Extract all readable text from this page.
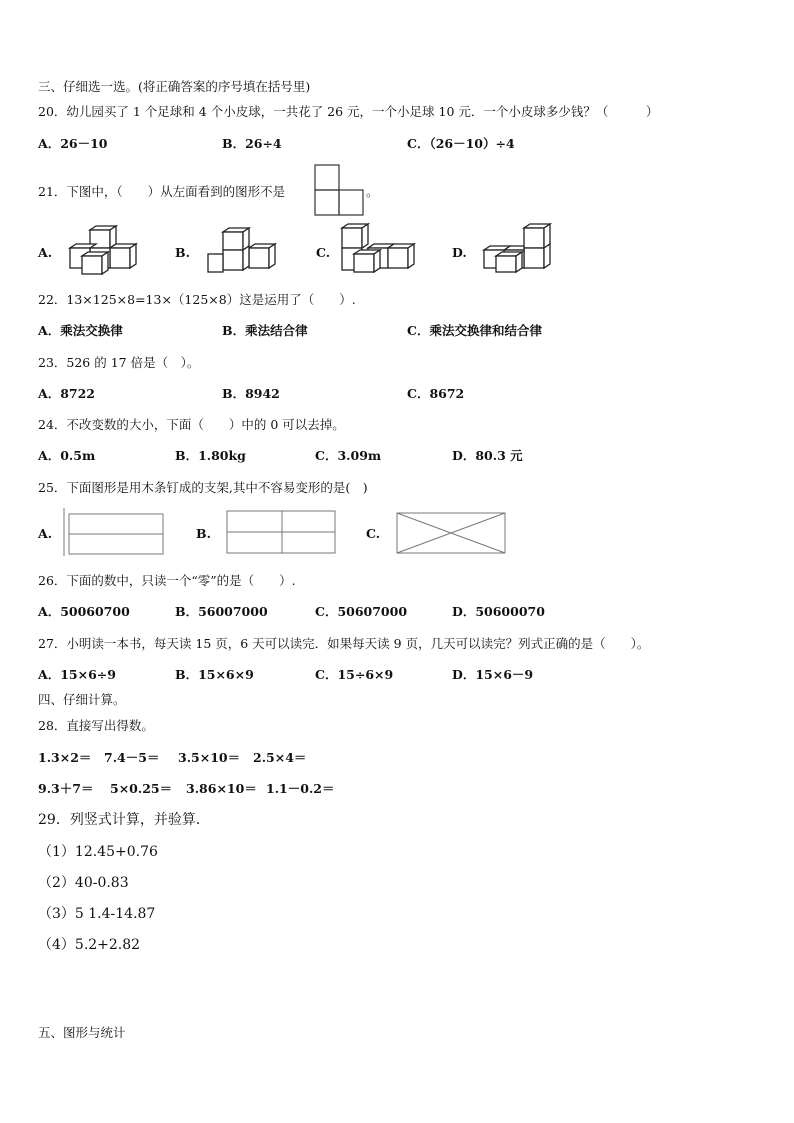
三、仔细选一选。(将正确答案的序号填在括号里)
20．幼儿园买了 1 个足球和 4 个小皮球，一共花了 26 元，一个小足球 10 元．一个小皮球多少钱？（　　　）
A．26－10	B．26÷4	C．（26－10）÷4
21．下图中，（　　）从左面看到的图形不是	。
A.	B.	C.	D.
22．13×125×8=13×（125×8）这是运用了（　　）.
A．乘法交换律	B．乘法结合律	C．乘法交换律和结合律
23．526 的 17 倍是（　）。
A．8722	B．8942	C．8672
24．不改变数的大小，下面（　　）中的 0 可以去掉。
A．0.5m	B．1.80kg	C．3.09m	D．80.3 元
25．下面图形是用木条钉成的支架,其中不容易变形的是(　)
A.	B.	C.
26．下面的数中，只读一个“零”的是（　　）.
A．50060700	B．56007000	C．50607000	D．50600070
27．小明读一本书，每天读 15 页，6 天可以读完．如果每天读 9 页，几天可以读完？列式正确的是（　　）。
A．15×6÷9	B．15×6×9	C．15÷6×9	D．15×6－9
四、仔细计算。
28．直接写出得数。
1.3×2＝ 7.4－5＝ 3.5×10＝ 2.5×4＝
9.3＋7＝ 5×0.25＝ 3.86×10＝ 1.1－0.2＝
29．列竖式计算，并验算．
（1）12.45+0.76
（2）40-0.83
（3）5 1.4-14.87
（4）5.2+2.82
五、图形与统计
